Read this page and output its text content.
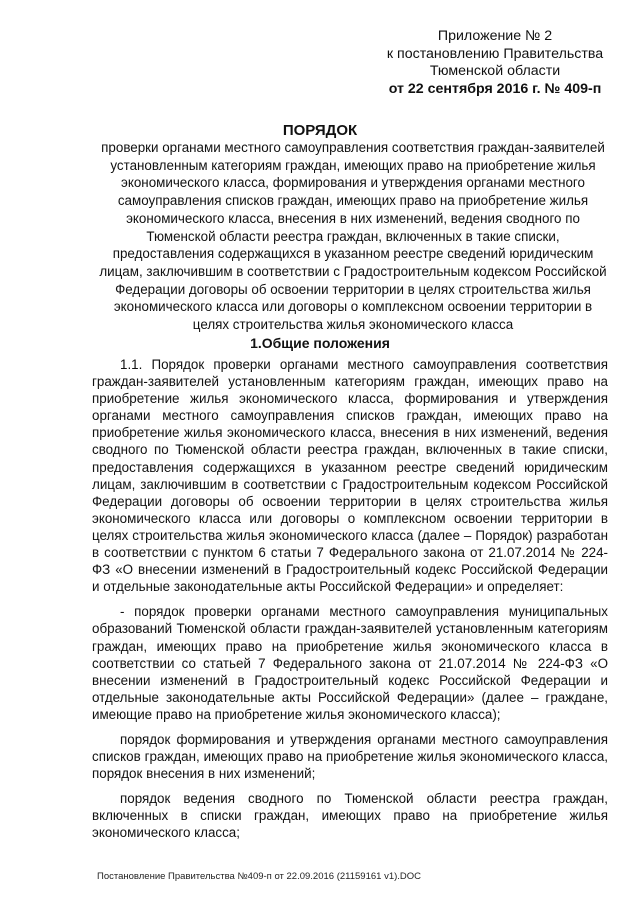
Приложение № 2
к постановлению Правительства
Тюменской области
от 22 сентября 2016 г. № 409-п
ПОРЯДОК
проверки органами местного самоуправления соответствия граждан-заявителей установленным категориям граждан, имеющих право на приобретение жилья экономического класса, формирования и утверждения органами местного самоуправления списков граждан, имеющих право на приобретение жилья экономического класса, внесения в них изменений, ведения сводного по Тюменской области реестра граждан, включенных в такие списки, предоставления содержащихся в указанном реестре сведений юридическим лицам, заключившим в соответствии с Градостроительным кодексом Российской Федерации договоры об освоении территории в целях строительства жилья экономического класса или договоры о комплексном освоении территории в целях строительства жилья экономического класса
1.Общие положения

1.1. Порядок проверки органами местного самоуправления соответствия граждан-заявителей установленным категориям граждан, имеющих право на приобретение жилья экономического класса, формирования и утверждения органами местного самоуправления списков граждан, имеющих право на приобретение жилья экономического класса, внесения в них изменений, ведения сводного по Тюменской области реестра граждан, включенных в такие списки, предоставления содержащихся в указанном реестре сведений юридическим лицам, заключившим в соответствии с Градостроительным кодексом Российской Федерации договоры об освоении территории в целях строительства жилья экономического класса или договоры о комплексном освоении территории в целях строительства жилья экономического класса (далее – Порядок) разработан в соответствии с пунктом 6 статьи 7 Федерального закона от 21.07.2014 № 224-ФЗ «О внесении изменений в Градостроительный кодекс Российской Федерации и отдельные законодательные акты Российской Федерации» и определяет:

- порядок проверки органами местного самоуправления муниципальных образований Тюменской области граждан-заявителей установленным категориям граждан, имеющих право на приобретение жилья экономического класса в соответствии со статьей 7 Федерального закона от 21.07.2014 № 224-ФЗ «О внесении изменений в Градостроительный кодекс Российской Федерации и отдельные законодательные акты Российской Федерации» (далее – граждане, имеющие право на приобретение жилья экономического класса);

порядок формирования и утверждения органами местного самоуправления списков граждан, имеющих право на приобретение жилья экономического класса, порядок внесения в них изменений;

порядок ведения сводного по Тюменской области реестра граждан, включенных в списки граждан, имеющих право на приобретение жилья экономического класса;

Постановление Правительства №409-п от 22.09.2016 (21159161 v1).DOC
